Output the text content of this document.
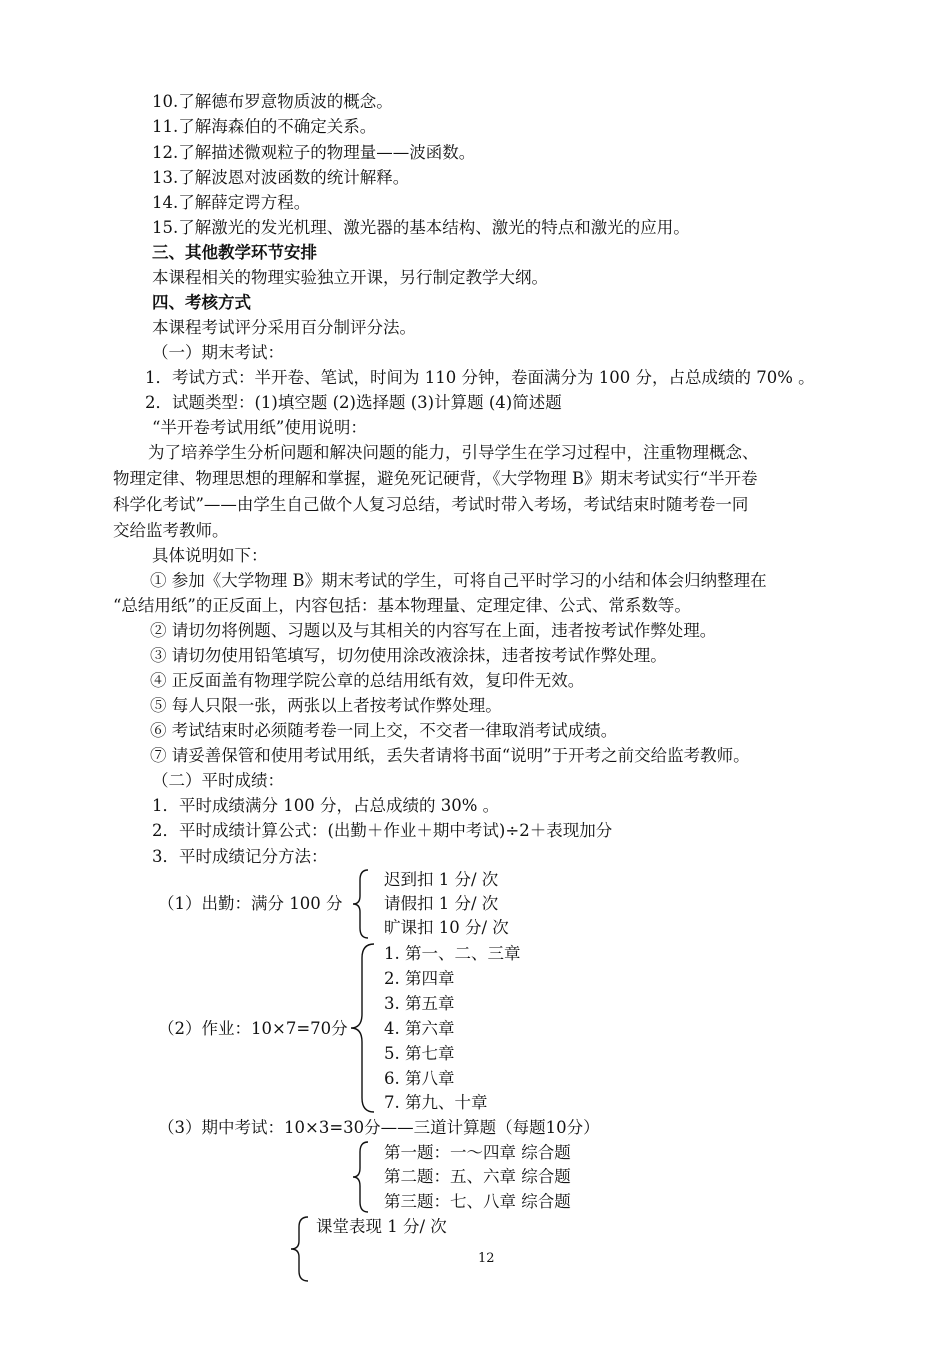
10.了解德布罗意物质波的概念。
11.了解海森伯的不确定关系。
12.了解描述微观粒子的物理量——波函数。
13.了解波恩对波函数的统计解释。
14.了解薛定谔方程。
15.了解激光的发光机理、激光器的基本结构、激光的特点和激光的应用。
三、其他教学环节安排
本课程相关的物理实验独立开课，另行制定教学大纲。
四、考核方式
本课程考试评分采用百分制评分法。
（一）期末考试：
1．考试方式：半开卷、笔试，时间为 110 分钟，卷面满分为 100 分，占总成绩的 70% 。
2．试题类型：(1)填空题 (2)选择题 (3)计算题 (4)简述题
“半开卷考试用纸”使用说明：
为了培养学生分析问题和解决问题的能力，引导学生在学习过程中，注重物理概念、
物理定律、物理思想的理解和掌握，避免死记硬背，《大学物理 B》期末考试实行“半开卷
科学化考试”——由学生自己做个人复习总结，考试时带入考场，考试结束时随考卷一同
交给监考教师。
具体说明如下：
① 参加《大学物理 B》期末考试的学生，可将自己平时学习的小结和体会归纳整理在
“总结用纸”的正反面上，内容包括：基本物理量、定理定律、公式、常系数等。
② 请切勿将例题、习题以及与其相关的内容写在上面，违者按考试作弊处理。
③ 请切勿使用铅笔填写，切勿使用涂改液涂抹，违者按考试作弊处理。
④ 正反面盖有物理学院公章的总结用纸有效，复印件无效。
⑤ 每人只限一张，两张以上者按考试作弊处理。
⑥ 考试结束时必须随考卷一同上交，不交者一律取消考试成绩。
⑦ 请妥善保管和使用考试用纸，丢失者请将书面“说明”于开考之前交给监考教师。
（二）平时成绩：
1．平时成绩满分 100 分，占总成绩的 30% 。
2．平时成绩计算公式：(出勤＋作业＋期中考试)÷2＋表现加分
3．平时成绩记分方法：
（1）出勤：满分 100 分
迟到扣 1 分/ 次
请假扣 1 分/ 次
旷课扣 10 分/ 次
（2）作业：10×7=70分
1. 第一、二、三章
2. 第四章
3. 第五章
4. 第六章
5. 第七章
6. 第八章
7. 第九、十章
（3）期中考试：10×3=30分——三道计算题（每题10分）
第一题：一～四章 综合题
第二题：五、六章 综合题
第三题：七、八章 综合题
课堂表现 1 分/ 次
12
